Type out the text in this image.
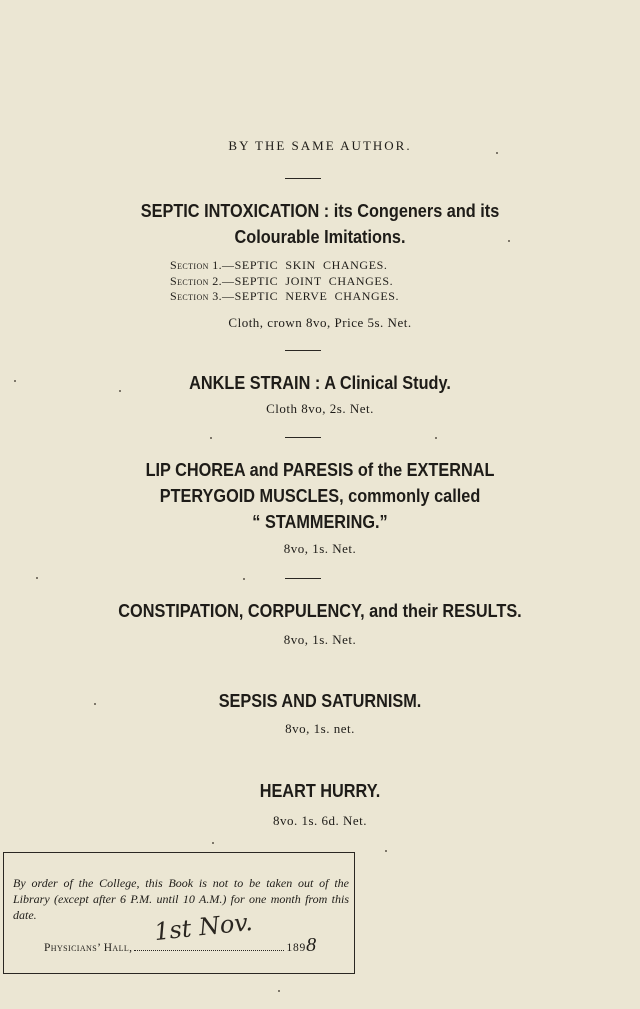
BY THE SAME AUTHOR.
SEPTIC INTOXICATION : its Congeners and its
Colourable Imitations.
Section 1.—SEPTIC  SKIN  CHANGES.
Section 2.—SEPTIC  JOINT  CHANGES.
Section 3.—SEPTIC  NERVE  CHANGES.
Cloth, crown 8vo, Price 5s. Net.
ANKLE STRAIN : A Clinical Study.
Cloth 8vo, 2s. Net.
LIP CHOREA and PARESIS of the EXTERNAL
PTERYGOID MUSCLES, commonly called
“ STAMMERING.”
8vo, 1s. Net.
CONSTIPATION, CORPULENCY, and their RESULTS.
8vo, 1s. Net.
SEPSIS AND SATURNISM.
8vo, 1s. net.
HEART HURRY.
8vo. 1s. 6d. Net.
By order of the College, this Book is not to be taken out of the Library (except after 6 P.M. until 10 A.M.) for one month from this date.
Physicians’ Hall,	1898
1st Nov.
